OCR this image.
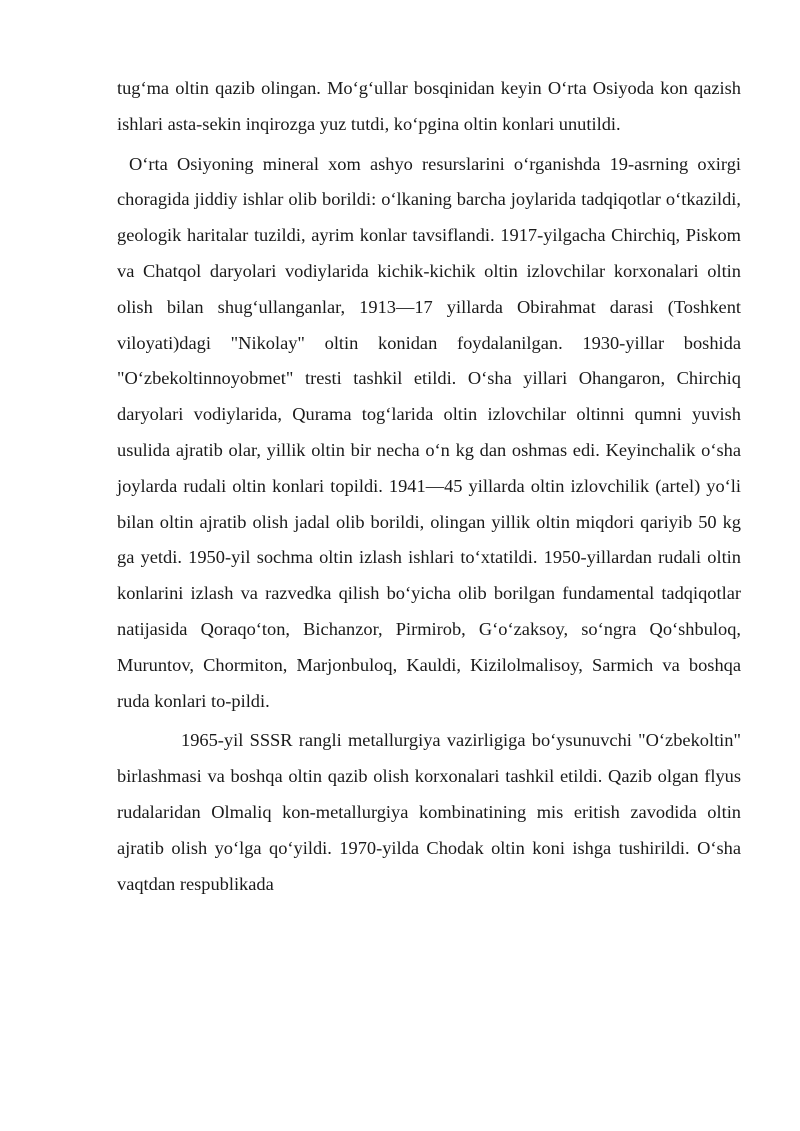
tug‘ma oltin qazib olingan. Mo‘g‘ullar bosqinidan keyin O‘rta Osiyoda kon qazish ishlari asta-sekin inqirozga yuz tutdi, ko‘pgina oltin konlari unutildi.

O‘rta Osiyoning mineral xom ashyo resurslarini o‘rganishda 19-asrning oxirgi choragida jiddiy ishlar olib borildi: o‘lkaning barcha joylarida tadqiqotlar o‘tkazildi, geologik haritalar tuzildi, ayrim konlar tavsiflandi. 1917-yilgacha Chirchiq, Piskom va Chatqol daryolari vodiylarida kichik-kichik oltin izlovchilar korxonalari oltin olish bilan shug‘ullanganlar, 1913—17 yillarda Obirahmat darasi (Toshkent viloyati)dagi "Nikolay" oltin konidan foydalanilgan. 1930-yillar boshida "O‘zbekoltinnoyobmet" tresti tashkil etildi. O‘sha yillari Ohangaron, Chirchiq daryolari vodiylarida, Qurama tog‘larida oltin izlovchilar oltinni qumni yuvish usulida ajratib olar, yillik oltin bir necha o‘n kg dan oshmas edi. Keyinchalik o‘sha joylarda rudali oltin konlari topildi. 1941—45 yillarda oltin izlovchilik (artel) yo‘li bilan oltin ajratib olish jadal olib borildi, olingan yillik oltin miqdori qariyib 50 kg ga yetdi. 1950-yil sochma oltin izlash ishlari to‘xtatildi. 1950-yillardan rudali oltin konlarini izlash va razvedka qilish bo‘yicha olib borilgan fundamental tadqiqotlar natijasida Qoraqo‘ton, Bichanzor, Pirmirob, G‘o‘zaksoy, so‘ngra Qo‘shbuloq, Muruntov, Chormiton, Marjonbuloq, Kauldi, Kizilolmalisoy, Sarmich va boshqa ruda konlari to-pildi.

1965-yil SSSR rangli metallurgiya vazirligiga bo‘ysunuvchi "O‘zbekoltin" birlashmasi va boshqa oltin qazib olish korxonalari tashkil etildi. Qazib olgan flyus rudalaridan Olmaliq kon-metallurgiya kombinatining mis eritish zavodida oltin ajratib olish yo‘lga qo‘yildi. 1970-yilda Chodak oltin koni ishga tushirildi. O‘sha vaqtdan respublikada
